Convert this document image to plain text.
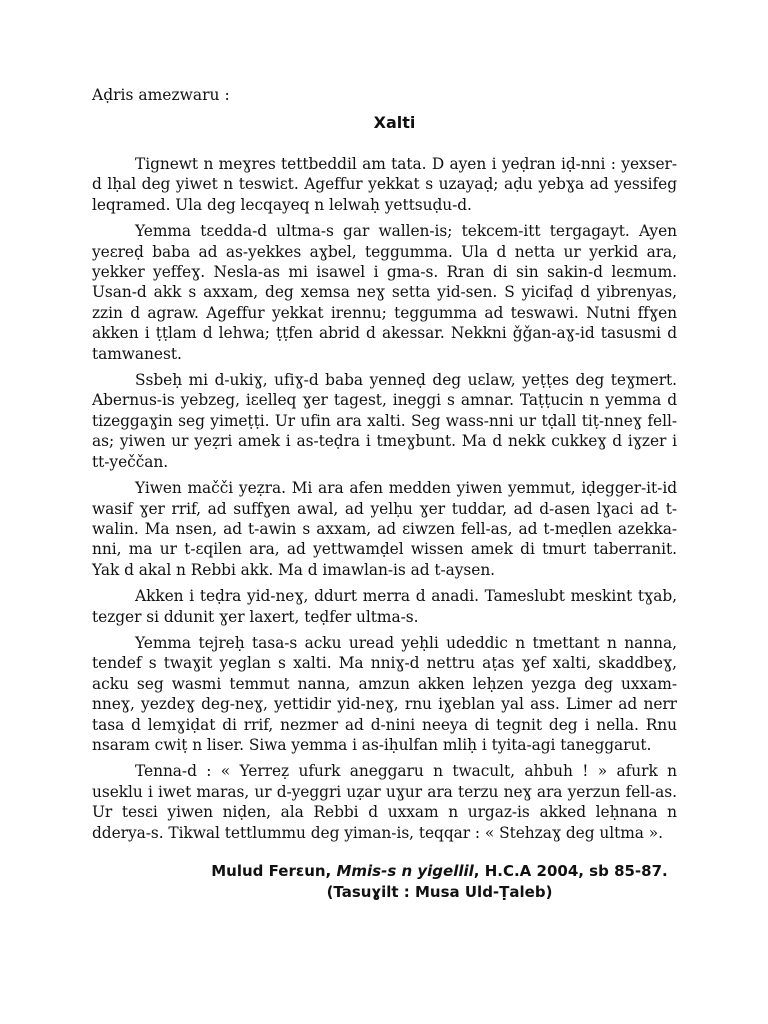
Aḍris amezwaru :
Xalti

Tignewt n meɣres tettbeddil am tata. D ayen i yeḍran iḍ-nni : yexser-d lḥal deg yiwet n teswiɛt. Ageffur yekkat s uzayaḍ; aḍu yebɣa ad yessifeg leqramed. Ula deg lecqayeq n lelwaḥ yettsuḍu-d.

Yemma tɛedda-d ultma-s gar wallen-is; tekcem-itt tergagayt. Ayen yeɛreḍ baba ad as-yekkes aɣbel, teggumma. Ula d netta ur yerkid ara, yekker yeffeɣ. Nesla-as mi isawel i gma-s. Rran di sin sakin-d leɛmum. Usan-d akk s axxam, deg xemsa neɣ setta yid-sen. S yicifaḍ d yibrenyas, zzin d agraw. Ageffur yekkat irennu; teggumma ad teswawi. Nutni ffɣen akken i ṭṭlam d lehwa; ṭṭfen abrid d akessar. Nekkni ǧǧan-aɣ-id tasusmi d tamwanest.

Ssbeḥ mi d-ukiɣ, ufiɣ-d baba yenneḍ deg uɛlaw, yeṭṭes deg teɣmert. Abernus-is yebzeg, iɛelleq ɣer tagest, ineggi s amnar. Taṭṭucin n yemma d tizeggaɣin seg yimeṭṭi. Ur ufin ara xalti. Seg wass-nni ur tḍall tiṭ-nneɣ fell-as; yiwen ur yeẓri amek i as-teḍra i tmeɣbunt. Ma d nekk cukkeɣ d iɣzer i tt-yeččan.

Yiwen mačči yeẓra. Mi ara afen medden yiwen yemmut, iḍegger-it-id wasif ɣer rrif, ad suffɣen awal, ad yelḥu ɣer tuddar, ad d-asen lɣaci ad t-walin. Ma nsen, ad t-awin s axxam, ad ɛiwzen fell-as, ad t-meḍlen azekka-nni, ma ur t-ɛqilen ara, ad yettwamḍel wissen amek di tmurt taberranit. Yak d akal n Rebbi akk. Ma d imawlan-is ad t-aysen.

Akken i teḍra yid-neɣ, ddurt merra d anadi. Tameslubt meskint tɣab, tezger si ddunit ɣer laxert, teḍfer ultma-s.

Yemma tejreḥ tasa-s acku uread yeḥli udeddic n tmettant n nanna, tendef s twaɣit yeglan s xalti. Ma nniɣ-d nettru aṭas ɣef xalti, skaddbeɣ, acku seg wasmi temmut nanna, amzun akken leḥzen yezga deg uxxam-nneɣ, yezdeɣ deg-neɣ, yettidir yid-neɣ, rnu iɣeblan yal ass. Limer ad nerr tasa d lemɣiḍat di rrif, nezmer ad d-nini neeya di tegnit deg i nella. Rnu nsaram cwiṭ n liser. Siwa yemma i as-iḥulfan mliḥ i tyita-agi taneggarut.

Tenna-d : « Yerreẓ ufurk aneggaru n twacult, ahbuh ! » afurk n useklu i iwet maras, ur d-yeggri uẓar uɣur ara terzu neɣ ara yerzun fell-as. Ur tesɛi yiwen niḍen, ala Rebbi d uxxam n urgaz-is akked leḥnana n dderya-s. Tikwal tettlummu deg yiman-is, teqqar : « Stehzaɣ deg ultma ».

Mulud Ferɛun, Mmis-s n yigellil, H.C.A 2004, sb 85-87.
(Tasuɣilt : Musa Uld-Ṭaleb)
